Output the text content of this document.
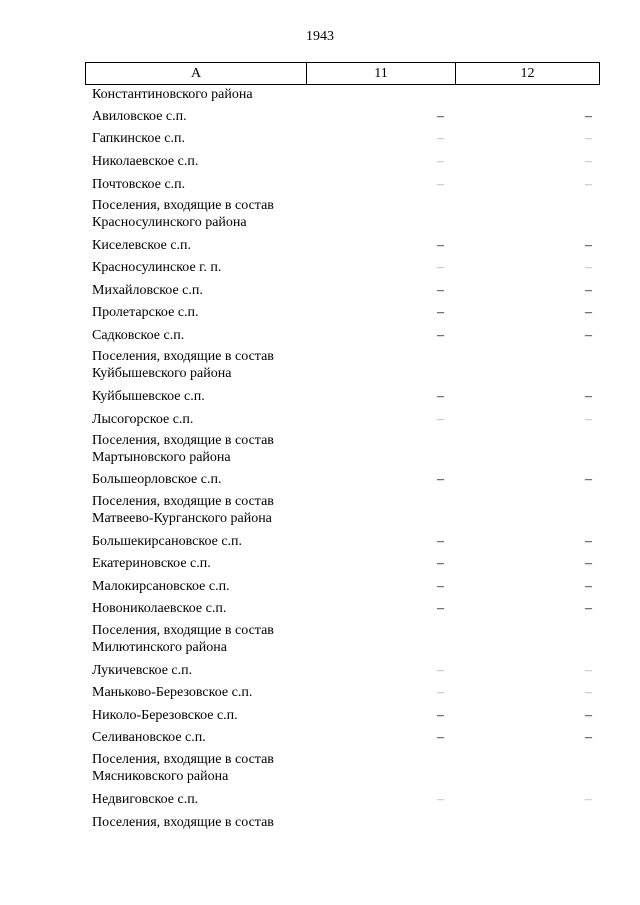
1943
А	11	12
Константиновского района
Авиловское с.п.	–	–
Гапкинское с.п.	–	–
Николаевское с.п.	–	–
Почтовское с.п.	–	–
Поселения, входящие в состав Красносулинского района
Киселевское с.п.	–	–
Красносулинское г. п.	–	–
Михайловское с.п.	–	–
Пролетарское с.п.	–	–
Садковское с.п.	–	–
Поселения, входящие в состав Куйбышевского района
Куйбышевское с.п.	–	–
Лысогорское с.п.	–	–
Поселения, входящие в состав Мартыновского района
Большеорловское с.п.	–	–
Поселения, входящие в состав Матвеево-Курганского района
Большекирсановское с.п.	–	–
Екатериновское с.п.	–	–
Малокирсановское с.п.	–	–
Новониколаевское с.п.	–	–
Поселения, входящие в состав Милютинского района
Лукичевское с.п.	–	–
Маньково-Березовское с.п.	–	–
Николо-Березовское с.п.	–	–
Селивановское с.п.	–	–
Поселения, входящие в состав Мясниковского района
Недвиговское с.п.	–	–
Поселения, входящие в состав
